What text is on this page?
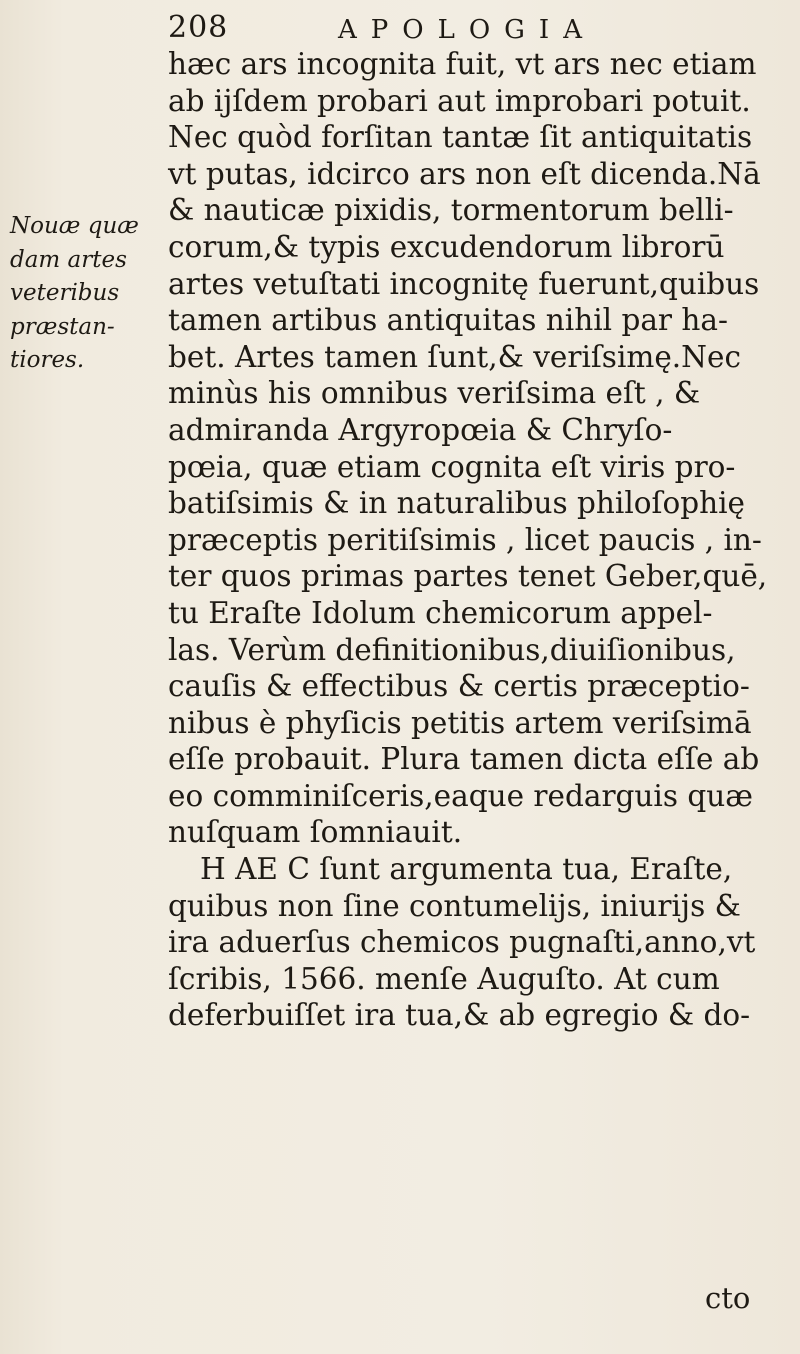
208	APOLOGIA
Nouæ quæ
dam artes
veteribus
præstan-
tiores.
hæc ars incognita fuit, vt ars nec etiam
ab ijſdem probari aut improbari potuit.
Nec quòd forſitan tantæ ſit antiquitatis
vt putas, idcirco ars non eſt dicenda.Nā
& nauticæ pixidis, tormentorum belli-
corum,& typis excudendorum librorū
artes vetuſtati incognitę fuerunt,quibus
tamen artibus antiquitas nihil par ha-
bet. Artes tamen ſunt,& veriſsimę.Nec
minùs his omnibus veriſsima eſt , &
admiranda Argyropœia & Chryſo-
pœia, quæ etiam cognita eſt viris pro-
batiſsimis & in naturalibus philoſophię
præceptis peritiſsimis , licet paucis , in-
ter quos primas partes tenet Geber,quē,
tu Eraſte Idolum chemicorum appel-
las. Verùm definitionibus,diuiſionibus,
cauſis & effectibus & certis præceptio-
nibus è phyſicis petitis artem veriſsimā
eſſe probauit. Plura tamen dicta eſſe ab
eo comminiſceris,eaque redarguis quæ
nuſquam ſomniauit.
H AE C ſunt argumenta tua, Eraſte,
quibus non ſine contumelijs, iniurijs &
ira aduerſus chemicos pugnaſti,anno,vt
ſcribis, 1566. menſe Auguſto. At cum
deferbuiſſet ira tua,& ab egregio & do-
cto
